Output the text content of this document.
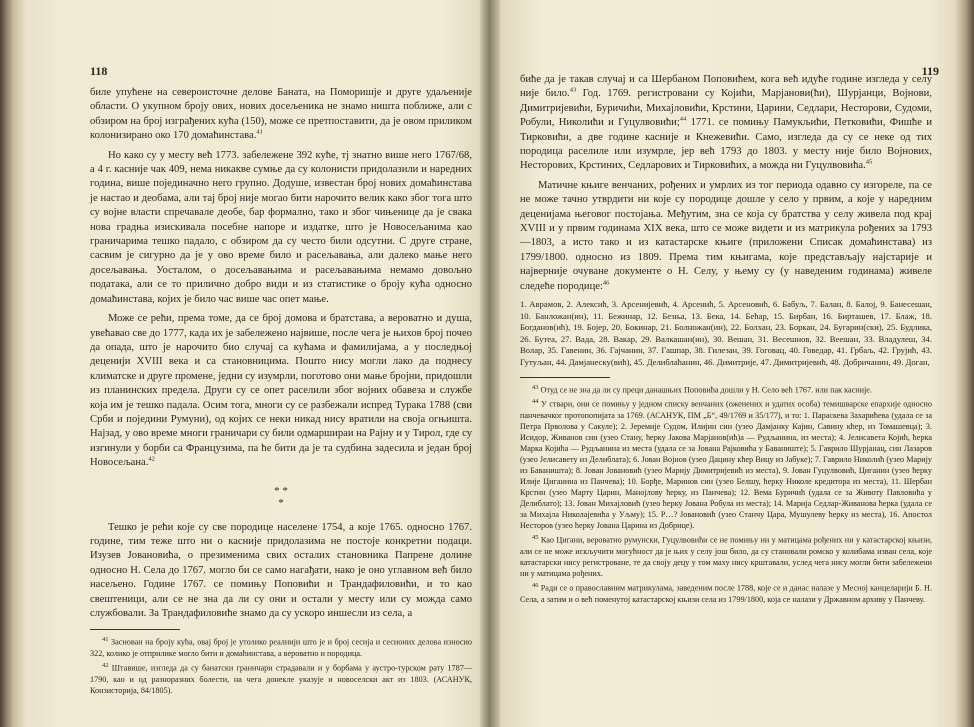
118

биле упућене на североисточне делове Баната, на Поморишје и друге удаљеније области. О укупном броју ових, нових досељеника не знамо ништа поближе, али с обзиром на број изграђених кућа (150), може се претпоставити, да је овом приликом колонизирано око 170 домаћинстава.$^{41}$

Но како су у месту већ 1773. забележене 392 куће, тј знатно више него 1767/68, а 4 г. касније чак 409, нема никакве сумње да су колонисти придолазили и наредних година, више појединачно него групно. Додуше, известан број нових домаћинстава је настао и деобама, али тај број није могао бити нарочито велик како због тога што су војне власти спречавале деобе, бар формално, тако и због чињенице да је свака нова градња изискивала посебне напоре и издатке, што је Новосељанима као граничарима тешко падало, с обзиром да су често били одсутни. С друге стране, сасвим је сигурно да је у ово време било и расељавања, али далеко мање него досељавања. Уосталом, о досељавањима и расељавањима немамо довољно података, али се то приличнo добро види и из статистике о броју кућа односно домаћинстава, којих је било час више час опет мање.

Може се рећи, према томе, да се број домова и братстава, а вероватно и душа, увећавао све до 1777, када их је забележено највише, после чега је њихов број почео да опада, што је нарочито био случај са кућама и фамилијама, а у последњој деценији XVIII века и са становницима. Пошто нису могли лако да поднесу климатске и друге промене, једни су изумрли, поготово они мање бројни, придошли из планинских предела. Други су се опет раселили због војних обавеза и службе која им је тешко падала. Осим тога, многи су се разбежали испред Турака 1788 (сви Срби и поједини Румуни), од којих се неки никад нису вратили на своја огњишта. Најзад, у ово време многи граничари су били одмаршираи на Рајну и у Тирол, где су изгинули у борби са Французима, па ће бити да је та судбина задесила и један број Новосељана.$^{42}$

* *
*

Тешко је рећи које су све породице населене 1754, а које 1765. односно 1767. године, тим теже што ни о касније придолазима не постоје конкретни подаци. Изузев Јовановића, о презименима свих осталих становника Папрене долине односно Н. Села до 1767. могло би се само нагађати, нако је оно углавном већ било насељено. Године 1767. се помињу Поповићи и Трандафиловићи, и то као свештеници, али се не зна да ли су они и остали у месту или су можда само службовали. За Трандафиловиће знамо да су ускоро иншесли из села, а

$^{41}$ Заснован на броју кућа, овај број је утолико реалнији што је и број сесија и сесионих делова износио 322, колико је отприлике могло бити и домаћинстава, а вероватно и породица.

$^{42}$ Штавише, изгледа да су банатски граничари страдавали и у борбама у аустро-турском рату 1787—1790, као и од разноразних болести, на чега донекле указује и новоселски акт из 1803. (АСАНУК, Конзисторија, 84/1805).

119

биће да је такав случај и са Шербаном Поповићем, кога већ идуће године изгледа у селу није било.$^{43}$ Год. 1769. регистровани су Којићи, Марјанови(ћи), Шурјанци, Војнови, Димитријевићи, Буричићи, Михајловићи, Крстини, Царини, Седлари, Несторови, Судоми, Робули, Николићи и Гуцулвовићи;$^{44}$ 1771. се помињу Памукљићи, Петковићи, Фишће и Тирковићи, а две године касније и Кнежевићи. Само, изгледа да су се неке од тих породица раселиле или изумрле, јер већ 1793 до 1803. у месту није било Војнових, Несторових, Крстиних, Седларових и Тирковићих, а можда ни Гуцулвовића.$^{45}$

Матичне књиге венчаних, рођених и умрлих из тог периода одавно су изгореле, па се не може тачно утврдити ни које су породице дошле у село у првим, а које у наредним деценијама његовог постојања. Међутим, зна се која су братства у селу живела под крај XVIII и у првим годинама XIX века, што се може видети и из матрикула рођених за 1793—1803, а исто тако и из катастарске књиге (приложени Списак домаћинстава) из 1799/1800. односно из 1809. Према тим књигама, које представљају најстарије и најверније очуване документе о Н. Селу, у њему су (у наведеним годинама) живеле следеће породице:$^{46}$

1. Аврамов, 2. Алексић, 3. Арсенијевић, 4. Арсенић, 5. Арсеновић, 6. Бабуљ, 7. Балан, 8. Балој, 9. Банесешан, 10. Банложан(ин), 11. Бежинар, 12. Безња, 13. Бека, 14. Бећар, 15. Бирбан, 16. Бирташев, 17. Блаж, 18. Богданов(ић), 19. Бојер, 20. Бокинар, 21. Болножан(ин), 22. Болхан, 23. Боркан, 24. Бугарин(ски), 25. Будлика, 26. Бутеа, 27. Вада, 28. Вакар, 29. Валкашан(ин), 30. Вешан, 31. Весешнов, 32. Веешан, 33. Владулеш, 34. Волар, 35. Гавенин, 36. Гајчанин, 37. Гашпар, 38. Гилезан, 39. Гоговац, 40. Говедар, 41. Грбаљ, 42. Грујић, 43. Гутуљан, 44. Дамјанеску(вић), 45. Делиблаћанин, 46. Димитрије, 47. Димитријевић, 48. Добричанин, 49. Доган,

$^{43}$ Отуд се не зна да ли су преци данашњих Поповића дошли у Н. Село већ 1767. или пак касније.

$^{44}$ У ствари, они се помињу у једном списку венчаних (оженених и удатих особа) темишварске епархије односно панчевачког протопопијата за 1769. (АСАНУК, ПМ „Б“, 49/1769 и 35/177), и то: 1. Параскева Захарићева (удала се за Петра Прволова у Сакуле); 2. Јеремије Судом, Илијин син (узео Дамјанку Кајин, Савину кћер, из Томашевца); 3. Исидор, Живанов син (узео Стану, ћерку Јакова Марјанов(ић)а — Рудљанина, из места); 4. Јелисавета Којић, ћерка Марка Којића — Рудљанина из места (удала се за Јована Рајковића у Баваниште); 5. Гаврило Шурјанац, син Лазаров (узео Јелисавету из Делиблата); 6. Јован Војнов (узео Дацину кћер Вицу из Јабуке); 7. Гаврило Николић (узео Марију из Баваништа); 8. Јован Јовановић (узео Марију Димитријевић из места), 9. Јован Гуцулвовић, Циганин (узео ћерку Илије Циганина из Панчева); 10. Борђе, Маринов син (узео Белшу, ћерку Николе кредитора из места), 11. Шербан Крстин (узео Марту Царин, Манојлову ћерку, из Панчева); 12. Вема Буричић (удала се за Животу Павловића у Делиблато); 13. Јован Михајловић (узео ћерку Јована Робула из места); 14. Марија Седлар-Живанова ћерка (удала се за Михајла Николајевића у Уљму); 15. Р…? Јовановић (узео Станчу Цара, Мушулеву ћерку из места), 16. Апостол Несторов (узео ћерку Јована Царина из Добрице).

$^{45}$ Као Цигани, вероватно румунски, Гуцулвовићи се не помињу ни у матицама рођених ни у катастарској књизи, али се не може искључити могућност да је њих у селу још било, да су становали ромско у колибама изван села, које катастарски нису регистроване, те да своју децу у том маху нису крштавали, услед чега нису могли бити забележени ни у матицама рођених.

$^{46}$ Ради се о православним матрикулама, заведеним после 1788, које се и данас налазе у Месној канцеларији Б. Н. Села, а затим и о већ поменутој катастарској књизи села из 1799/1800, која се налази у Државном архиву у Панчеву.
